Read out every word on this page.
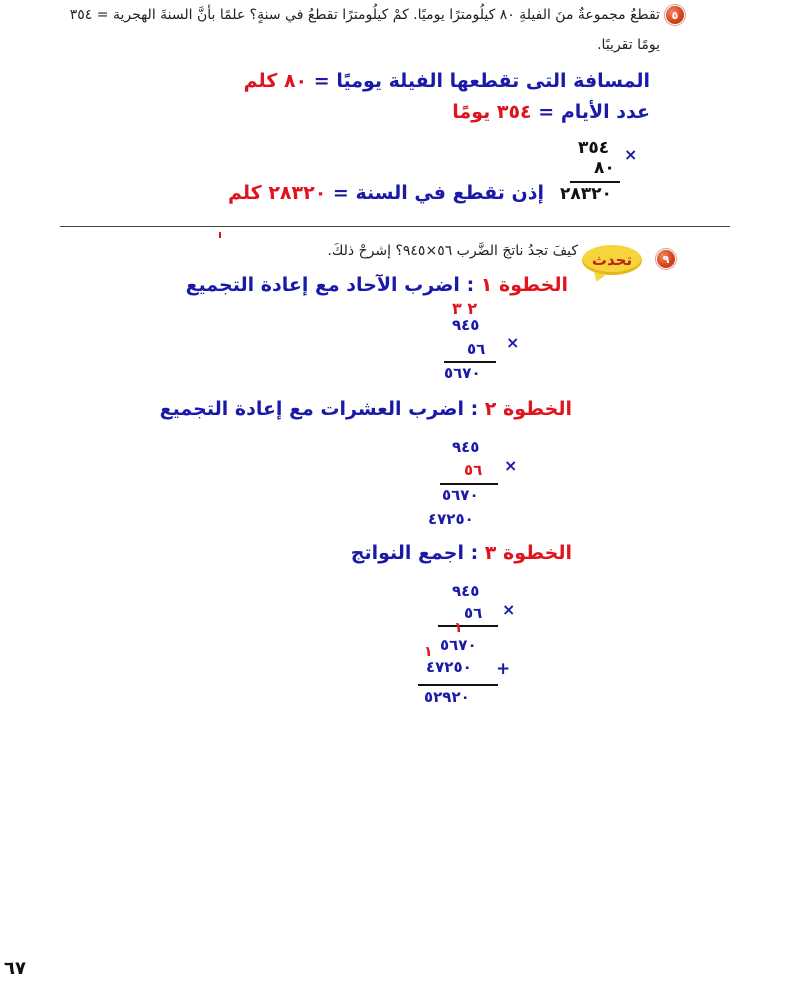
٥
تقطعُ مجموعةٌ منَ الفيلةِ ٨٠ كيلُومترًا يوميًا. كمْ كيلُومترًا تقطعُ في سنةٍ؟ علمًا بأنَّ السنةَ الهجرية = ٣٥٤
يومًا تقريبًا.
المسافة التى تقطعها الفيلة يوميًا = ٨٠ كلم
عدد الأيام = ٣٥٤ يومًا
٣٥٤ ×
٨٠
٢٨٣٢٠
إذن تقطع في السنة = ٢٨٣٢٠ كلم
٩
تحدث
كيفَ تجدُ ناتجَ الضَّرب ٥٦×٩٤٥؟ إشرحْ ذلكَ.
الخطوة ١ : اضرب الآحاد مع إعادة التجميع
٢ ٣
٩٤٥
×
٥٦
٥٦٧٠
الخطوة ٢ : اضرب العشرات مع إعادة التجميع
٩٤٥
×
٥٦
٥٦٧٠
٤٧٢٥٠
الخطوة ٣ : اجمع النواتج
٩٤٥
×
٥٦
١
١ ٥٦٧٠
٤٧٢٥٠ +
٥٢٩٢٠
٦٧
